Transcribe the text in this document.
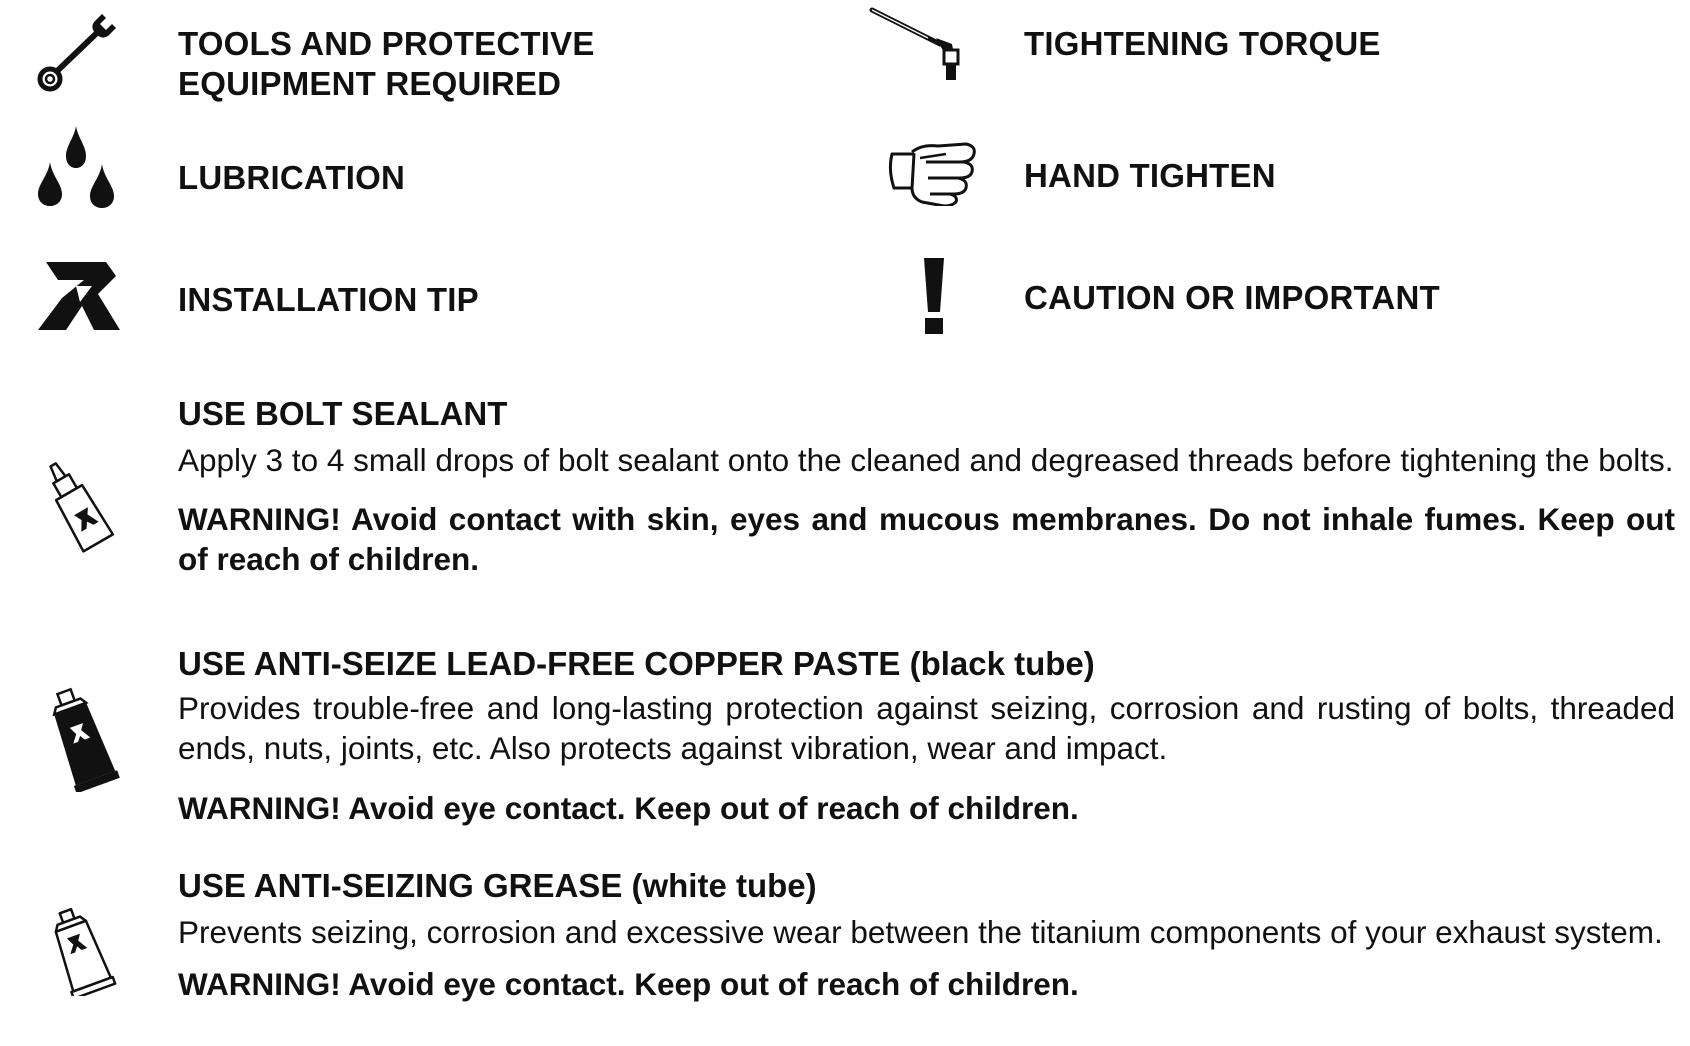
TOOLS AND PROTECTIVE
EQUIPMENT REQUIRED
TIGHTENING TORQUE
LUBRICATION	HAND TIGHTEN
INSTALLATION TIP	CAUTION OR IMPORTANT
USE BOLT SEALANT

Apply 3 to 4 small drops of bolt sealant onto the cleaned and degreased threads before tightening the bolts.

WARNING! Avoid contact with skin, eyes and mucous membranes. Do not inhale fumes. Keep out of reach of children.

USE ANTI-SEIZE LEAD-FREE COPPER PASTE (black tube)

Provides trouble-free and long-lasting protection against seizing, corrosion and rusting of bolts, threaded ends, nuts, joints, etc. Also protects against vibration, wear and impact.

WARNING! Avoid eye contact. Keep out of reach of children.

USE ANTI-SEIZING GREASE (white tube)

Prevents seizing, corrosion and excessive wear between the titanium components of your exhaust system.

WARNING! Avoid eye contact. Keep out of reach of children.
